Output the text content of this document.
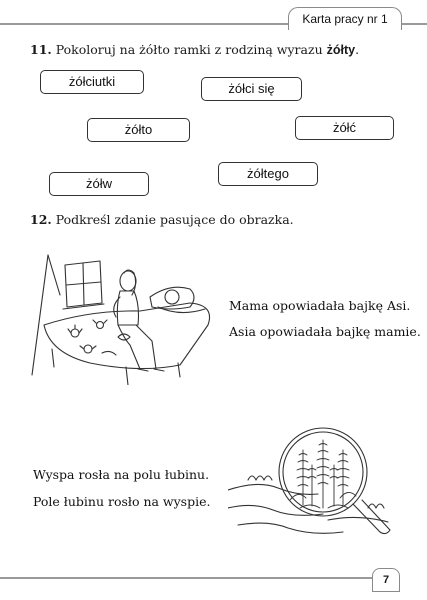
Karta pracy nr 1
11. Pokoloruj na żółto ramki z rodziną wyrazu żółty.
żółciutki	żółci się
żółto	żółć
żółw
żółtego
12. Podkreśl zdanie pasujące do obrazka.
Mama opowiadała bajkę Asi.
Asia opowiadała bajkę mamie.
Wyspa rosła na polu łubinu.
Pole łubinu rosło na wyspie.
7
